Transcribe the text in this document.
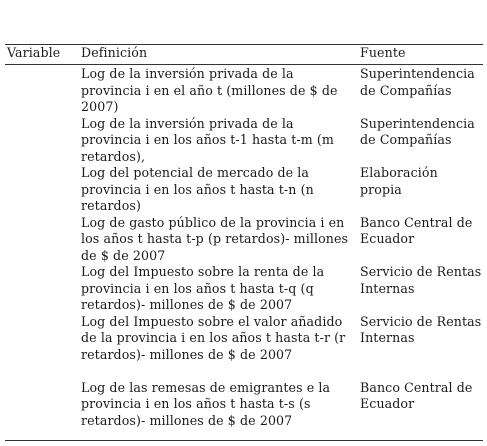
Variable	Definición	Fuente
Log de la inversión privada de la provincia i en el año t (millones de $ de 2007)
Superintendencia de Compañías
Log de la inversión privada de la provincia i en los años t-1 hasta t-m (m retardos),
Superintendencia de Compañías
Log del potencial de mercado de la provincia i en los años t hasta t-n (n retardos)
Elaboración propia
Log de gasto público de la provincia i en los años t hasta t-p (p retardos)- millones de $ de 2007
Banco Central de Ecuador
Log del Impuesto sobre la renta de la provincia i en los años t hasta t-q (q retardos)- millones de $ de 2007
Servicio de Rentas Internas
Log del Impuesto sobre el valor añadido de la provincia i en los años t hasta t-r (r retardos)- millones de $ de 2007
Servicio de Rentas Internas
Log de las remesas de emigrantes e la provincia i en los años t hasta t-s (s retardos)- millones de $ de 2007
Banco Central de Ecuador
